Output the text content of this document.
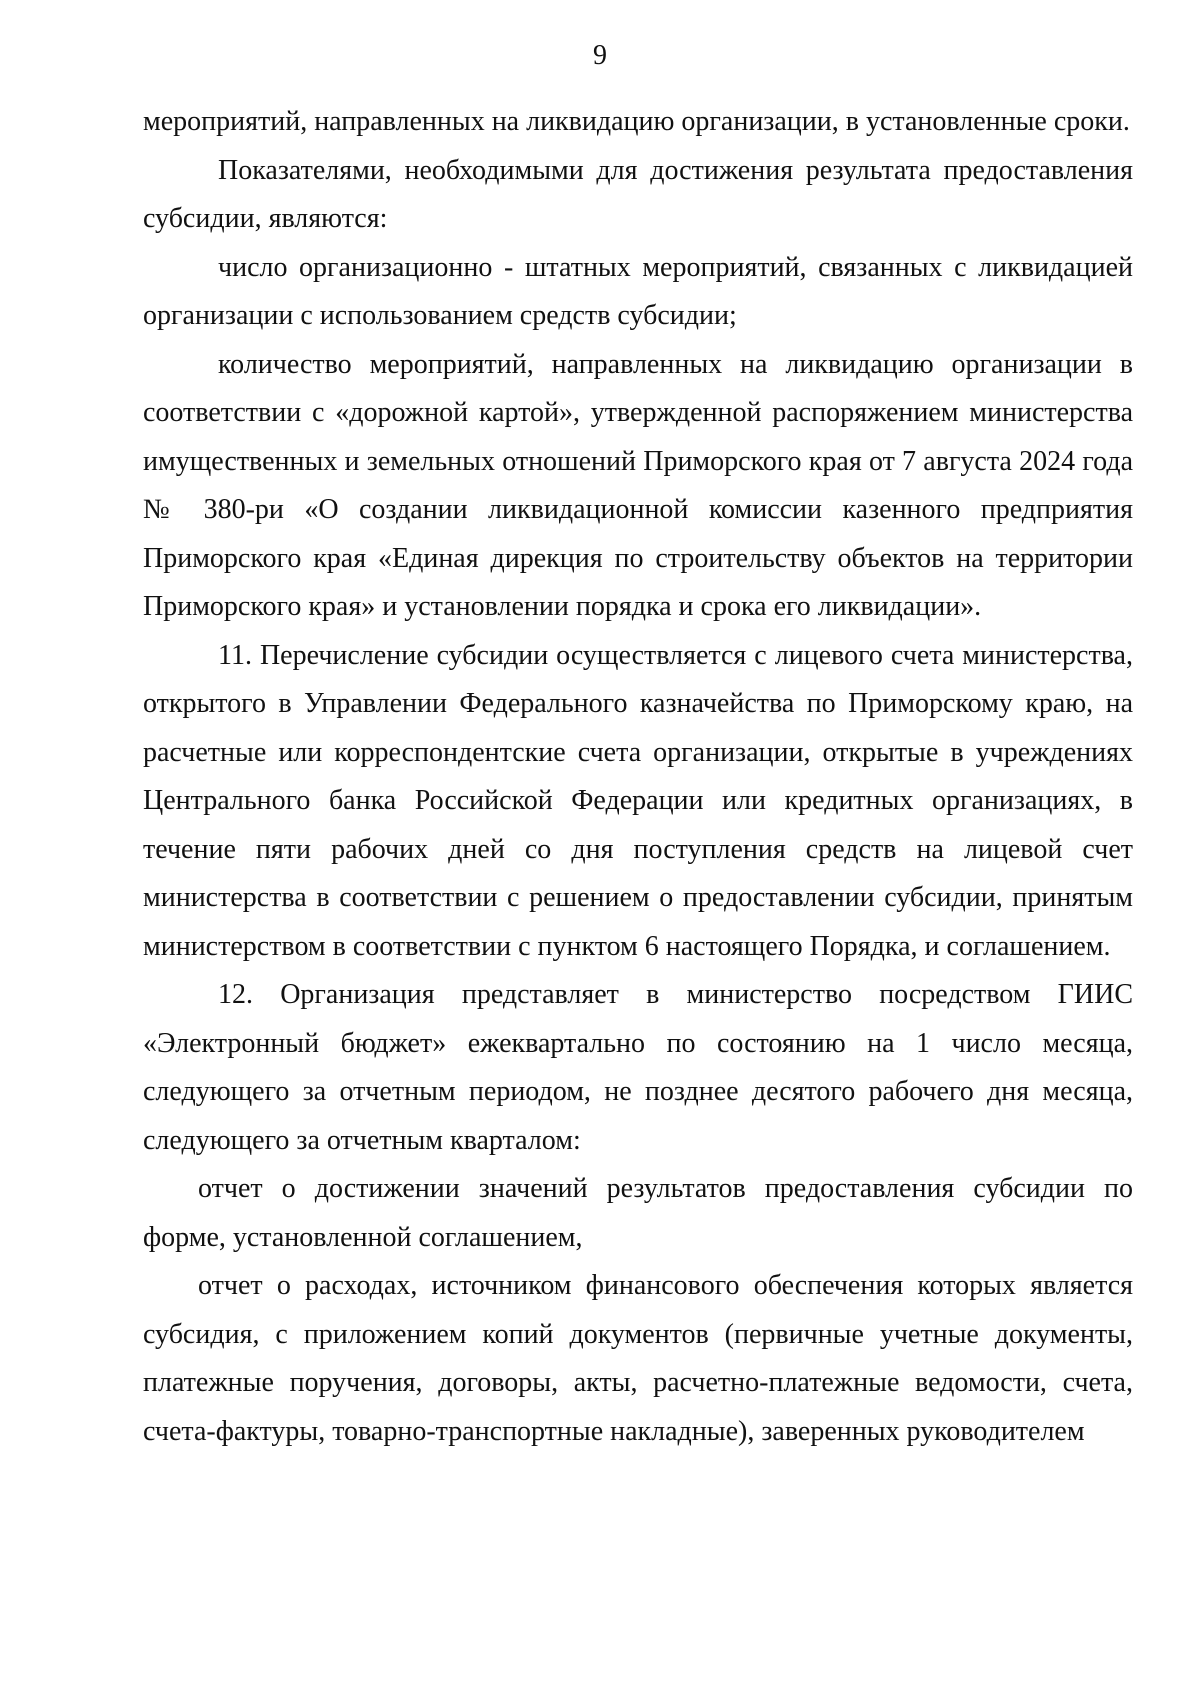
9

мероприятий, направленных на ликвидацию организации, в установленные сроки.

Показателями, необходимыми для достижения результата предоставления субсидии, являются:

число организационно - штатных мероприятий, связанных с ликвидацией организации с использованием средств субсидии;

количество мероприятий, направленных на ликвидацию организации в соответствии с «дорожной картой», утвержденной распоряжением министерства имущественных и земельных отношений Приморского края от 7 августа 2024 года № 380-ри «О создании ликвидационной комиссии казенного предприятия Приморского края «Единая дирекция по строительству объектов на территории Приморского края» и установлении порядка и срока его ликвидации».

11. Перечисление субсидии осуществляется с лицевого счета министерства, открытого в Управлении Федерального казначейства по Приморскому краю, на расчетные или корреспондентские счета организации, открытые в учреждениях Центрального банка Российской Федерации или кредитных организациях, в течение пяти рабочих дней со дня поступления средств на лицевой счет министерства в соответствии с решением о предоставлении субсидии, принятым министерством в соответствии с пунктом 6 настоящего Порядка, и соглашением.

12. Организация представляет в министерство посредством ГИИС «Электронный бюджет» ежеквартально по состоянию на 1 число месяца, следующего за отчетным периодом, не позднее десятого рабочего дня месяца, следующего за отчетным кварталом:

отчет о достижении значений результатов предоставления субсидии по форме, установленной соглашением,

отчет о расходах, источником финансового обеспечения которых является субсидия, с приложением копий документов (первичные учетные документы, платежные поручения, договоры, акты, расчетно-платежные ведомости, счета, счета-фактуры, товарно-транспортные накладные), заверенных руководителем
